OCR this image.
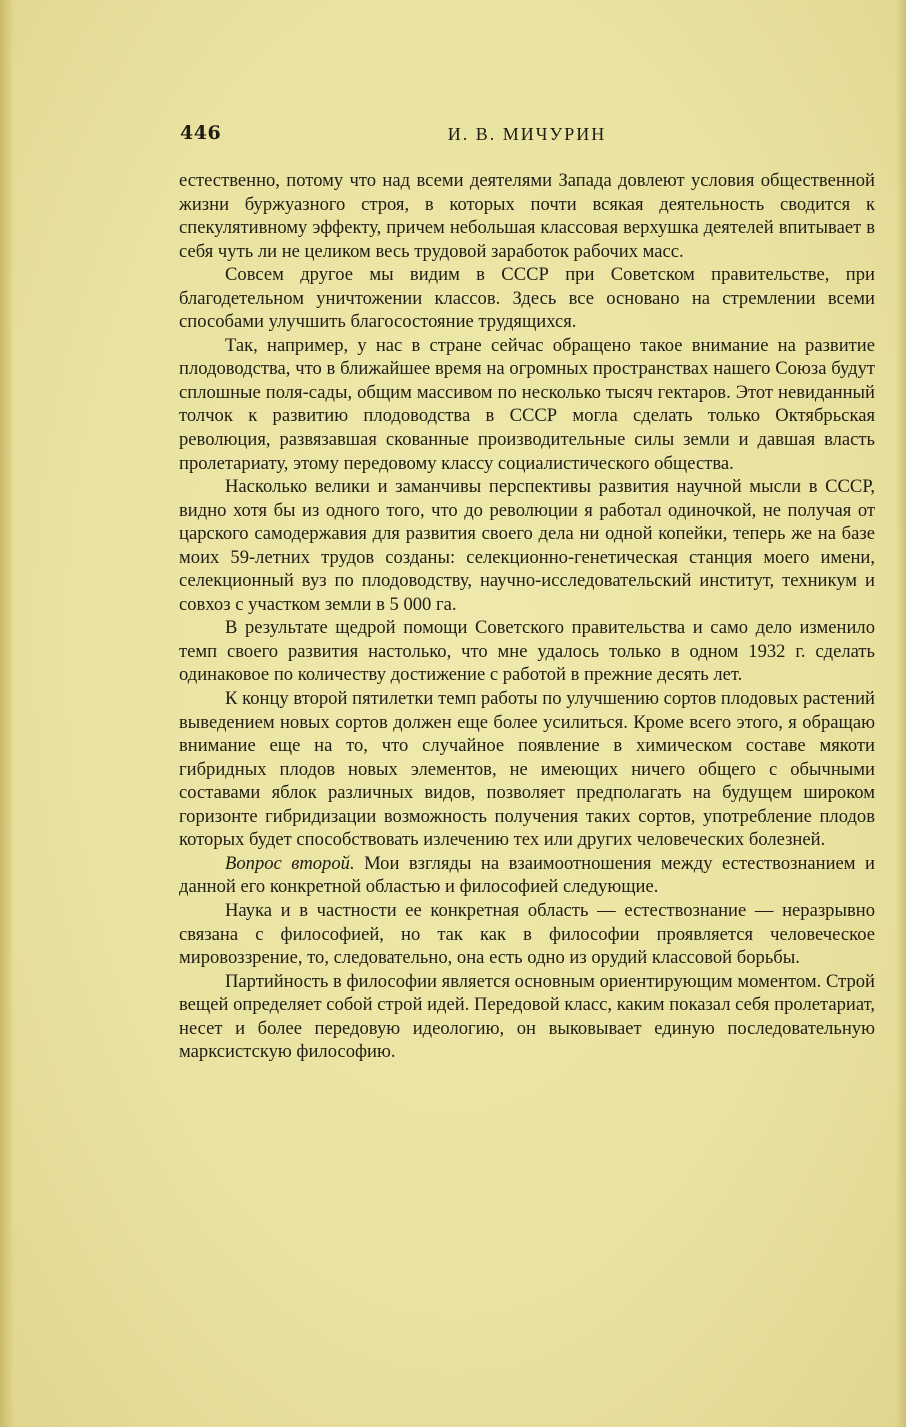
446	И. В. МИЧУРИН

естественно, потому что над всеми деятелями Запада довлеют условия общественной жизни буржуазного строя, в которых почти всякая деятельность сводится к спекулятивному эффекту, причем небольшая классовая верхушка деятелей впитывает в себя чуть ли не целиком весь трудовой заработок рабочих масс.

Совсем другое мы видим в СССР при Советском правительстве, при благодетельном уничтожении классов. Здесь все основано на стремлении всеми способами улучшить благосостояние трудящихся.

Так, например, у нас в стране сейчас обращено такое внимание на развитие плодоводства, что в ближайшее время на огромных пространствах нашего Союза будут сплошные поля-сады, общим массивом по несколько тысяч гектаров. Этот невиданный толчок к развитию плодоводства в СССР могла сделать только Октябрьская революция, развязавшая скованные производительные силы земли и давшая власть пролетариату, этому передовому классу социалистического общества.

Насколько велики и заманчивы перспективы развития научной мысли в СССР, видно хотя бы из одного того, что до революции я работал одиночкой, не получая от царского самодержавия для развития своего дела ни одной копейки, теперь же на базе моих 59-летних трудов созданы: селекционно-генетическая станция моего имени, селекционный вуз по плодоводству, научно-исследовательский институт, техникум и совхоз с участком земли в 5 000 га.

В результате щедрой помощи Советского правительства и само дело изменило темп своего развития настолько, что мне удалось только в одном 1932 г. сделать одинаковое по количеству достижение с работой в прежние десять лет.

К концу второй пятилетки темп работы по улучшению сортов плодовых растений выведением новых сортов должен еще более усилиться. Кроме всего этого, я обращаю внимание еще на то, что случайное появление в химическом составе мякоти гибридных плодов новых элементов, не имеющих ничего общего с обычными составами яблок различных видов, позволяет предполагать на будущем широком горизонте гибридизации возможность получения таких сортов, употребление плодов которых будет способствовать излечению тех или других человеческих болезней.

Вопрос второй. Мои взгляды на взаимоотношения между естествознанием и данной его конкретной областью и философией следующие.

Наука и в частности ее конкретная область — естествознание — неразрывно связана с философией, но так как в философии проявляется человеческое мировоззрение, то, следовательно, она есть одно из орудий классовой борьбы.

Партийность в философии является основным ориентирующим моментом. Строй вещей определяет собой строй идей. Передовой класс, каким показал себя пролетариат, несет и более передовую идеологию, он выковывает единую последовательную марксистскую философию.
